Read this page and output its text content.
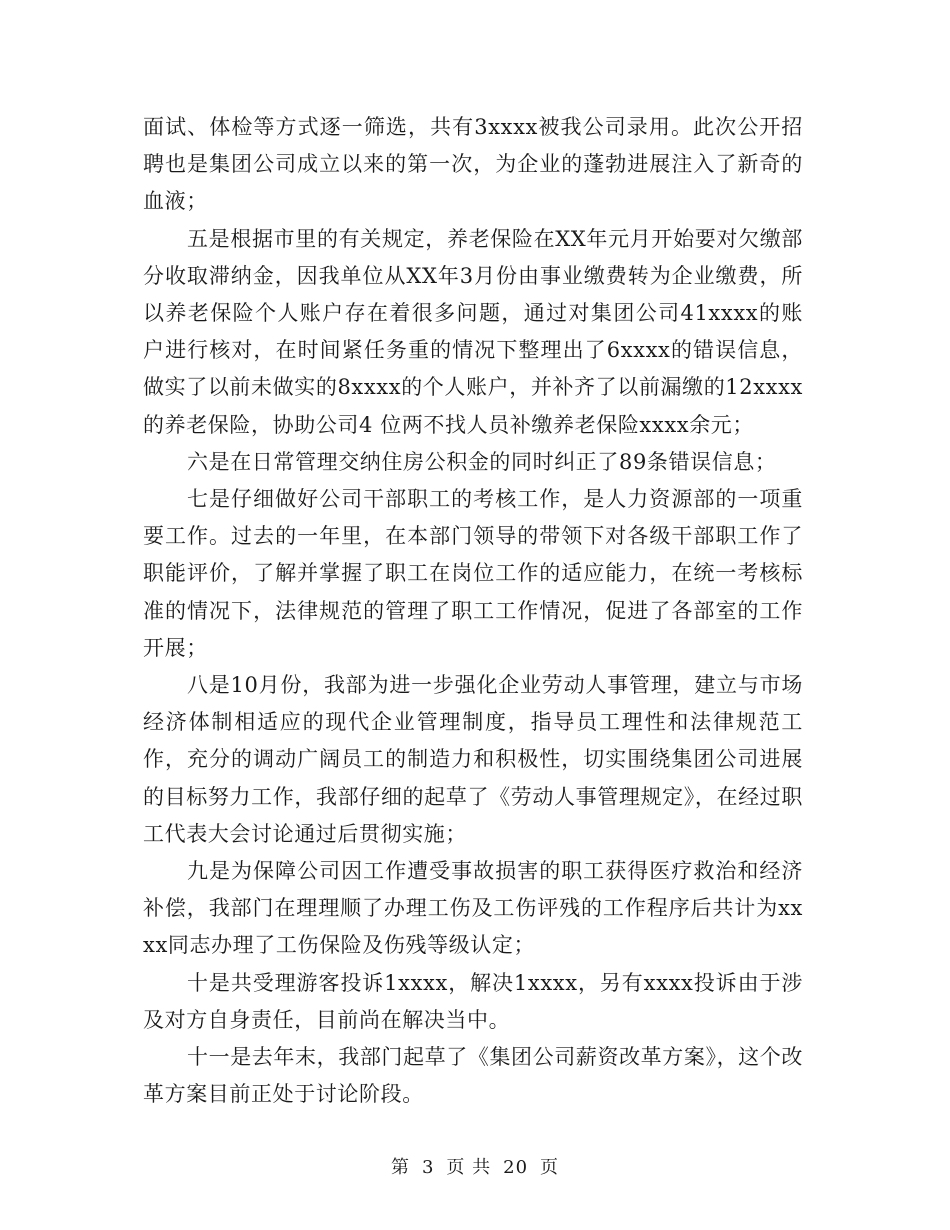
面试、体检等方式逐一筛选，共有3xxxx被我公司录用。此次公开招聘也是集团公司成立以来的第一次，为企业的蓬勃进展注入了新奇的血液；

五是根据市里的有关规定，养老保险在XX年元月开始要对欠缴部分收取滞纳金，因我单位从XX年3月份由事业缴费转为企业缴费，所以养老保险个人账户存在着很多问题，通过对集团公司41xxxx的账户进行核对，在时间紧任务重的情况下整理出了6xxxx的错误信息，做实了以前未做实的8xxxx的个人账户，并补齐了以前漏缴的12xxxx的养老保险，协助公司4 位两不找人员补缴养老保险xxxx余元；

六是在日常管理交纳住房公积金的同时纠正了89条错误信息；

七是仔细做好公司干部职工的考核工作，是人力资源部的一项重要工作。过去的一年里，在本部门领导的带领下对各级干部职工作了职能评价，了解并掌握了职工在岗位工作的适应能力，在统一考核标准的情况下，法律规范的管理了职工工作情况，促进了各部室的工作开展；

八是10月份，我部为进一步强化企业劳动人事管理，建立与市场经济体制相适应的现代企业管理制度，指导员工理性和法律规范工作，充分的调动广阔员工的制造力和积极性，切实围绕集团公司进展的目标努力工作，我部仔细的起草了《劳动人事管理规定》，在经过职工代表大会讨论通过后贯彻实施；

九是为保障公司因工作遭受事故损害的职工获得医疗救治和经济补偿，我部门在理理顺了办理工伤及工伤评残的工作程序后共计为xxxx同志办理了工伤保险及伤残等级认定；

十是共受理游客投诉1xxxx，解决1xxxx，另有xxxx投诉由于涉及对方自身责任，目前尚在解决当中。

十一是去年末，我部门起草了《集团公司薪资改革方案》，这个改革方案目前正处于讨论阶段。

第 3 页 共 20 页
